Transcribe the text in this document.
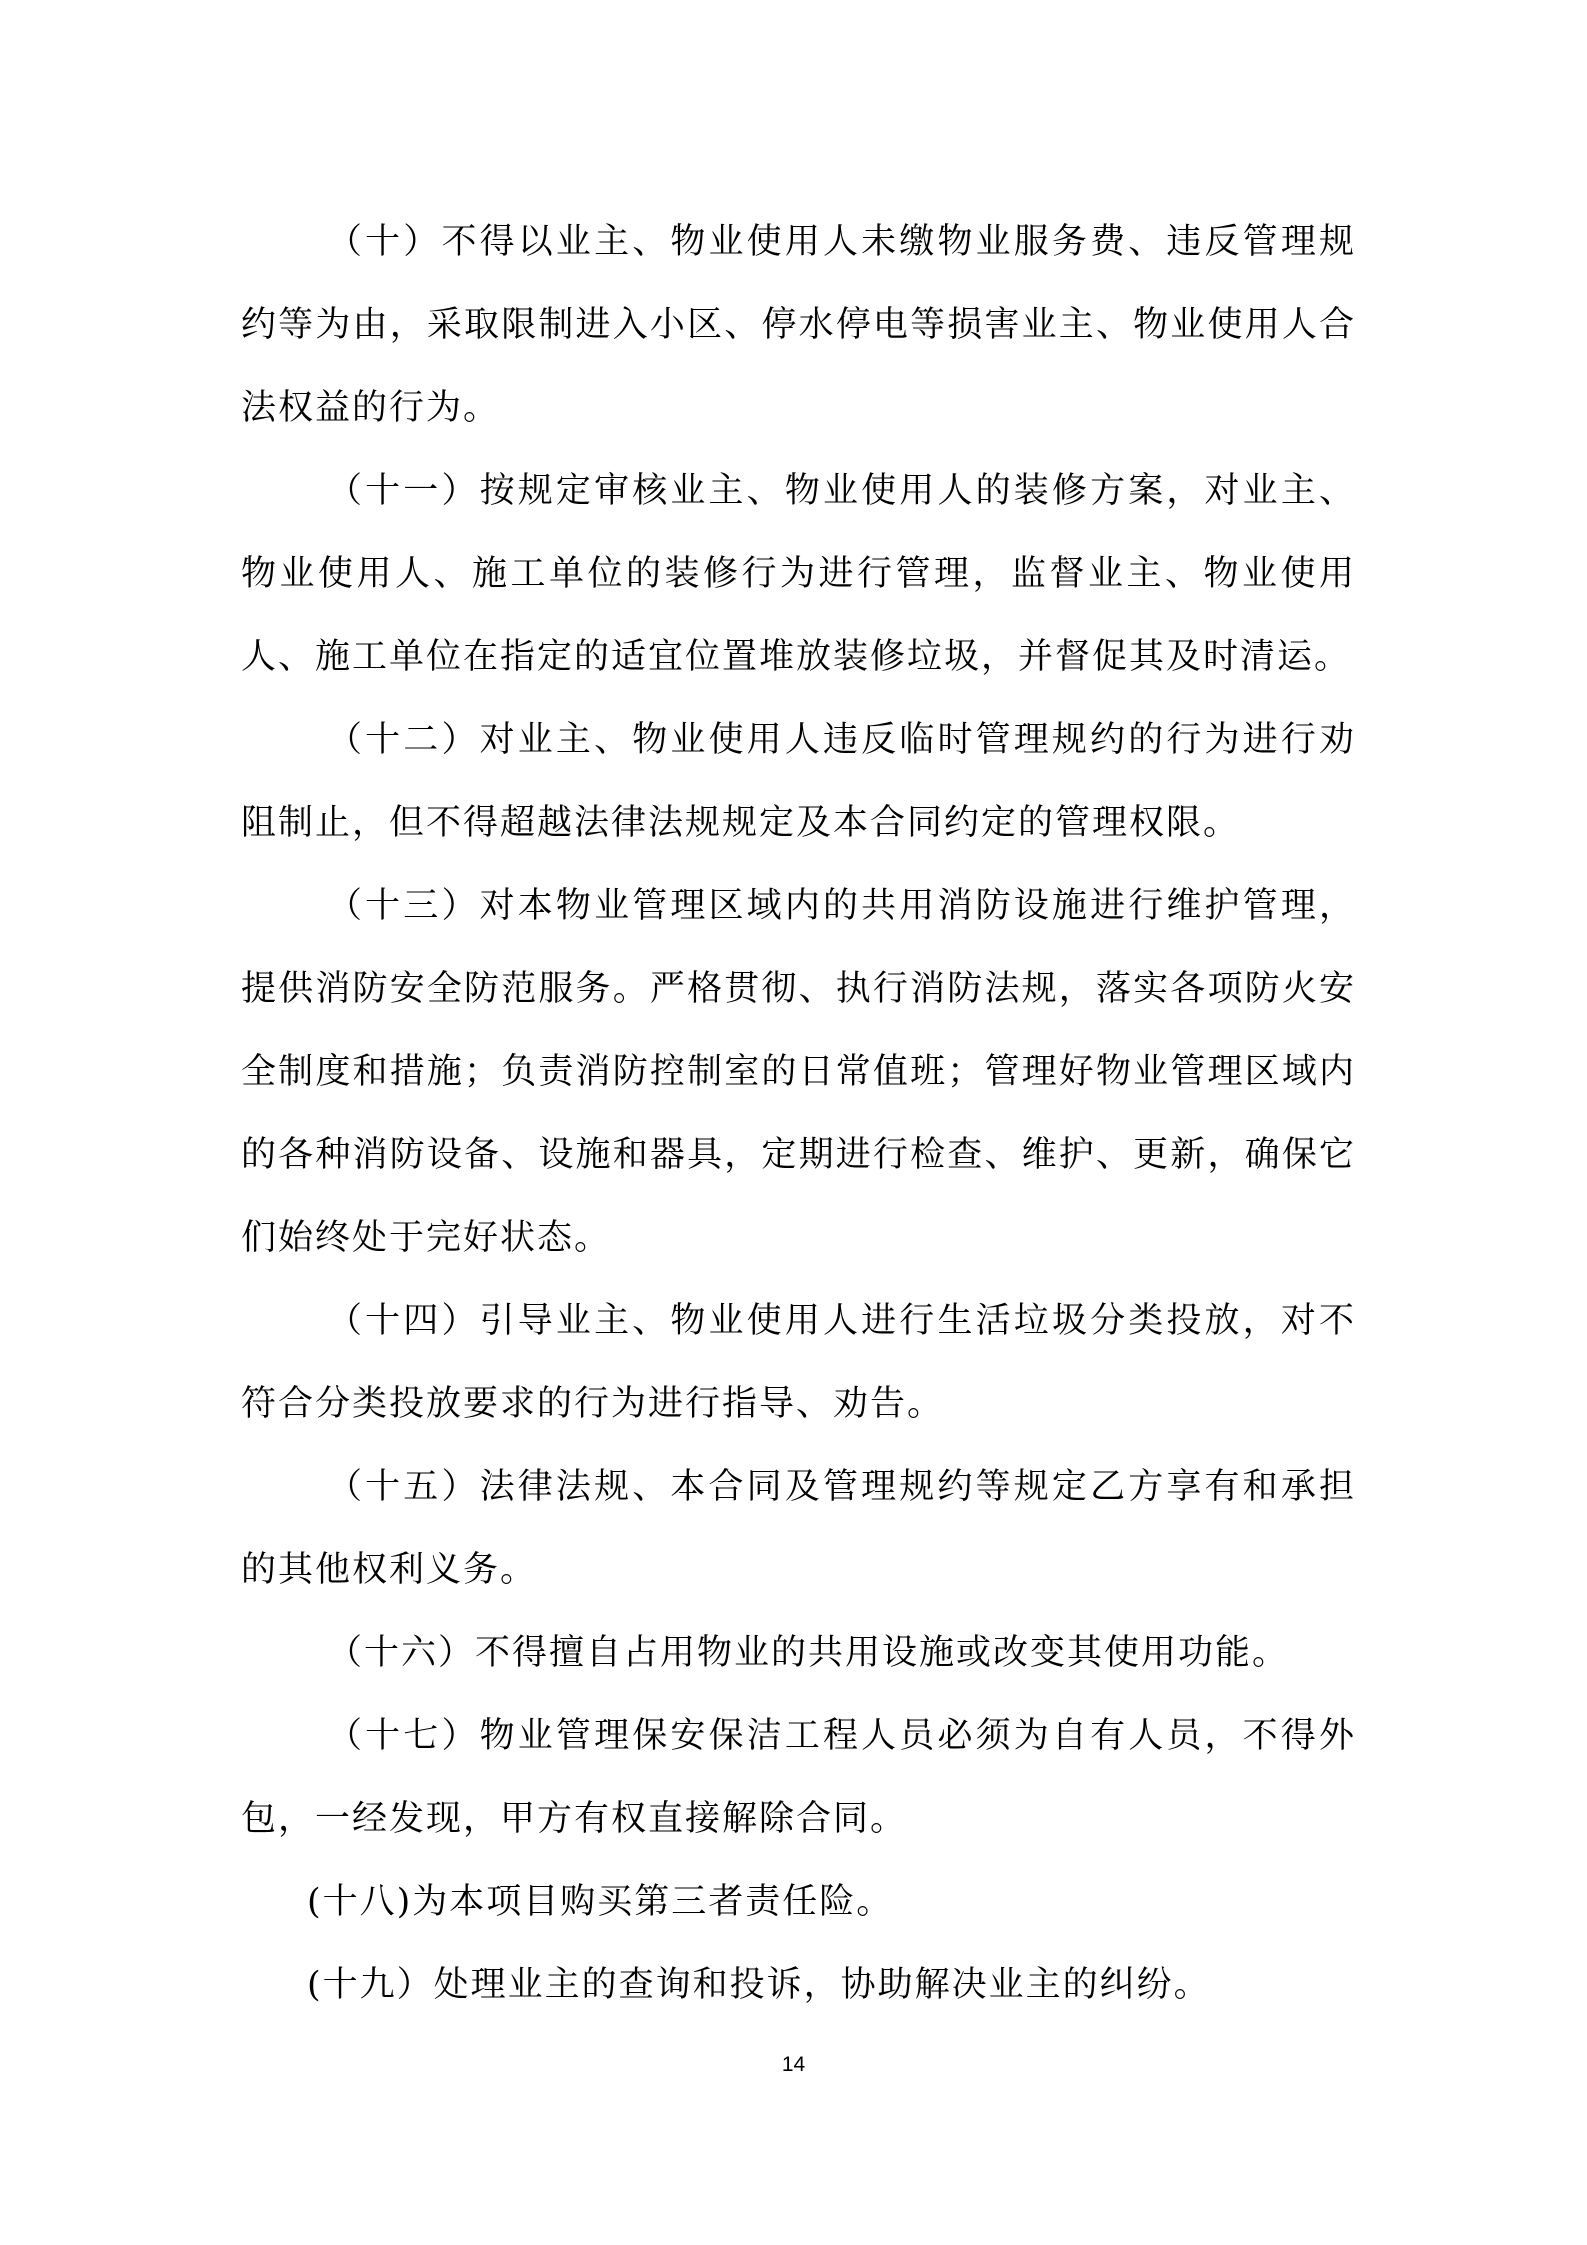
（十）不得以业主、物业使用人未缴物业服务费、违反管理规约等为由，采取限制进入小区、停水停电等损害业主、物业使用人合法权益的行为。

（十一）按规定审核业主、物业使用人的装修方案，对业主、物业使用人、施工单位的装修行为进行管理，监督业主、物业使用人、施工单位在指定的适宜位置堆放装修垃圾，并督促其及时清运。

（十二）对业主、物业使用人违反临时管理规约的行为进行劝阻制止，但不得超越法律法规规定及本合同约定的管理权限。

（十三）对本物业管理区域内的共用消防设施进行维护管理，提供消防安全防范服务。严格贯彻、执行消防法规，落实各项防火安全制度和措施；负责消防控制室的日常值班；管理好物业管理区域内的各种消防设备、设施和器具，定期进行检查、维护、更新，确保它们始终处于完好状态。

（十四）引导业主、物业使用人进行生活垃圾分类投放，对不符合分类投放要求的行为进行指导、劝告。

（十五）法律法规、本合同及管理规约等规定乙方享有和承担的其他权利义务。

（十六）不得擅自占用物业的共用设施或改变其使用功能。

（十七）物业管理保安保洁工程人员必须为自有人员，不得外包，一经发现，甲方有权直接解除合同。

(十八)为本项目购买第三者责任险。

(十九）处理业主的查询和投诉，协助解决业主的纠纷。

14
